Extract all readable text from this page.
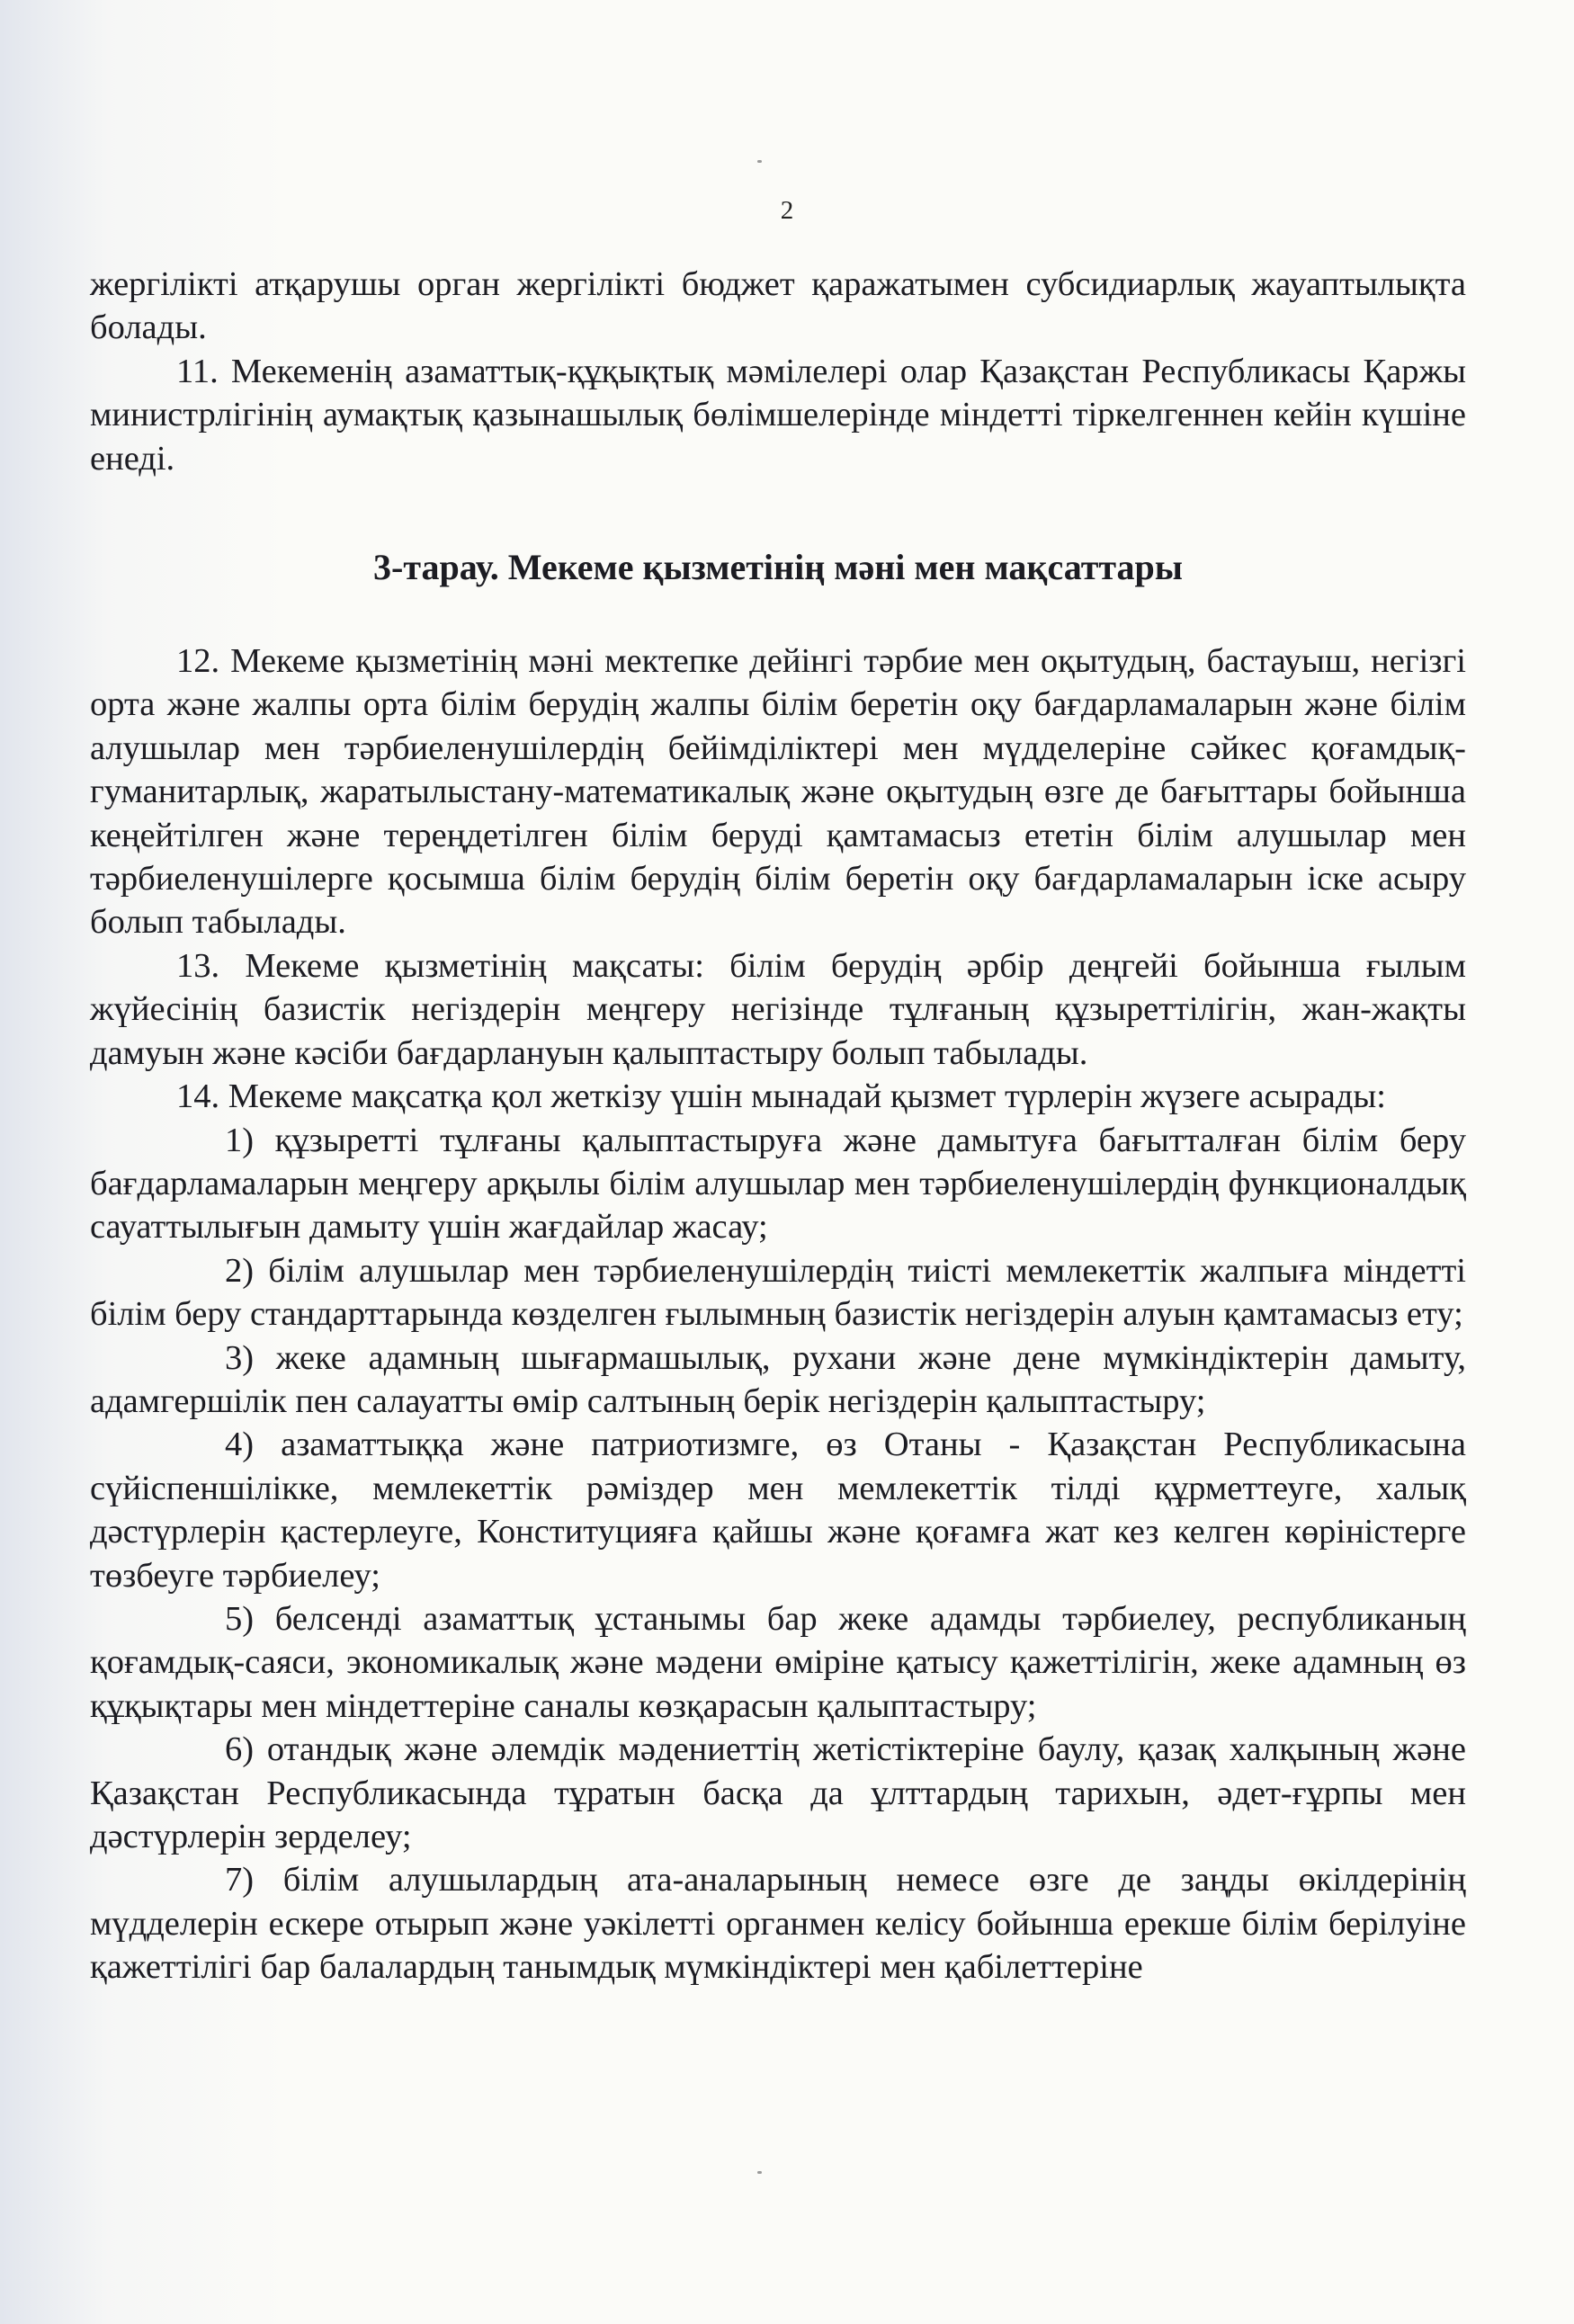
2

жергілікті атқарушы орган жергілікті бюджет қаражатымен субсидиарлық жауаптылықта болады.

11. Мекеменің азаматтық-құқықтық мәмілелері олар Қазақстан Республикасы Қаржы министрлігінің аумақтық қазынашылық бөлімшелерінде міндетті тіркелгеннен кейін күшіне енеді.

3-тарау. Мекеме қызметінің мәні мен мақсаттары

12. Мекеме қызметінің мәні мектепке дейінгі тәрбие мен оқытудың, бастауыш, негізгі орта және жалпы орта білім берудің жалпы білім беретін оқу бағдарламаларын және білім алушылар мен тәрбиеленушілердің бейімділіктері мен мүдделеріне сәйкес қоғамдық-гуманитарлық, жаратылыстану-математикалық және оқытудың өзге де бағыттары бойынша кеңейтілген және тереңдетілген білім беруді қамтамасыз ететін білім алушылар мен тәрбиеленушілерге қосымша білім берудің білім беретін оқу бағдарламаларын іске асыру болып табылады.

13. Мекеме қызметінің мақсаты: білім берудің әрбір деңгейі бойынша ғылым жүйесінің базистік негіздерін меңгеру негізінде тұлғаның құзыреттілігін, жан-жақты дамуын және кәсіби бағдарлануын қалыптастыру болып табылады.

14. Мекеме мақсатқа қол жеткізу үшін мынадай қызмет түрлерін жүзеге асырады:

1) құзыретті тұлғаны қалыптастыруға және дамытуға бағытталған білім беру бағдарламаларын меңгеру арқылы білім алушылар мен тәрбиеленушілердің функционалдық сауаттылығын дамыту үшін жағдайлар жасау;

2) білім алушылар мен тәрбиеленушілердің тиісті мемлекеттік жалпыға міндетті білім беру стандарттарында көзделген ғылымның базистік негіздерін алуын қамтамасыз ету;

3) жеке адамның шығармашылық, рухани және дене мүмкіндіктерін дамыту, адамгершілік пен салауатты өмір салтының берік негіздерін қалыптастыру;

4) азаматтыққа және патриотизмге, өз Отаны - Қазақстан Республикасына сүйіспеншілікке, мемлекеттік рәміздер мен мемлекеттік тілді құрметтеуге, халық дәстүрлерін қастерлеуге, Конституцияға қайшы және қоғамға жат кез келген көріністерге төзбеуге тәрбиелеу;

5) белсенді азаматтық ұстанымы бар жеке адамды тәрбиелеу, республиканың қоғамдық-саяси, экономикалық және мәдени өміріне қатысу қажеттілігін, жеке адамның өз құқықтары мен міндеттеріне саналы көзқарасын қалыптастыру;

6) отандық және әлемдік мәдениеттің жетістіктеріне баулу, қазақ халқының және Қазақстан Республикасында тұратын басқа да ұлттардың тарихын, әдет-ғұрпы мен дәстүрлерін зерделеу;

7) білім алушылардың ата-аналарының немесе өзге де заңды өкілдерінің мүдделерін ескере отырып және уәкілетті органмен келісу бойынша ерекше білім берілуіне қажеттілігі бар балалардың танымдық мүмкіндіктері мен қабілеттеріне
